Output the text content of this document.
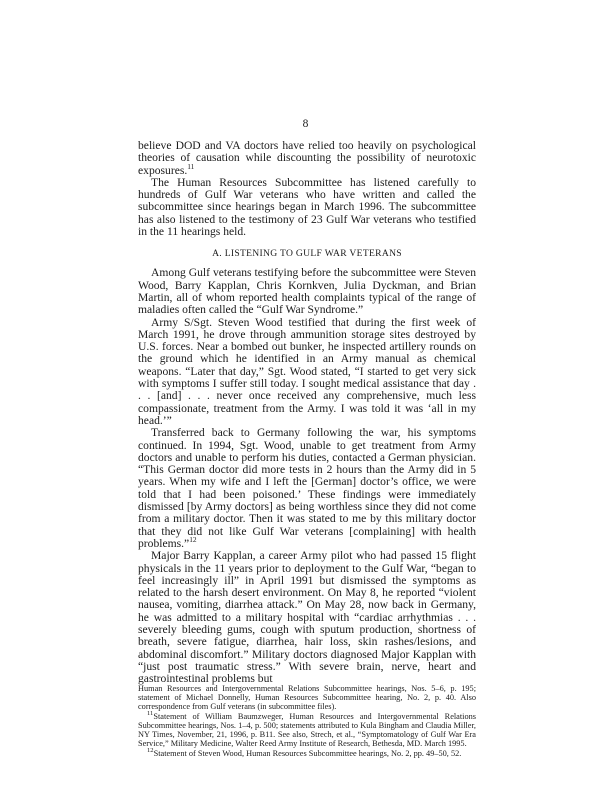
8

believe DOD and VA doctors have relied too heavily on psychological theories of causation while discounting the possibility of neurotoxic exposures.$^{11}$

The Human Resources Subcommittee has listened carefully to hundreds of Gulf War veterans who have written and called the subcommittee since hearings began in March 1996. The subcommittee has also listened to the testimony of 23 Gulf War veterans who testified in the 11 hearings held.

A. LISTENING TO GULF WAR VETERANS

Among Gulf veterans testifying before the subcommittee were Steven Wood, Barry Kapplan, Chris Kornkven, Julia Dyckman, and Brian Martin, all of whom reported health complaints typical of the range of maladies often called the “Gulf War Syndrome.”

Army S/Sgt. Steven Wood testified that during the first week of March 1991, he drove through ammunition storage sites destroyed by U.S. forces. Near a bombed out bunker, he inspected artillery rounds on the ground which he identified in an Army manual as chemical weapons. “Later that day,” Sgt. Wood stated, “I started to get very sick with symptoms I suffer still today. I sought medical assistance that day . . . [and] . . . never once received any comprehensive, much less compassionate, treatment from the Army. I was told it was ‘all in my head.’”

Transferred back to Germany following the war, his symptoms continued. In 1994, Sgt. Wood, unable to get treatment from Army doctors and unable to perform his duties, contacted a German physician. “This German doctor did more tests in 2 hours than the Army did in 5 years. When my wife and I left the [German] doctor’s office, we were told that I had been poisoned.’ These findings were immediately dismissed [by Army doctors] as being worthless since they did not come from a military doctor. Then it was stated to me by this military doctor that they did not like Gulf War veterans [complaining] with health problems.”$^{12}$

Major Barry Kapplan, a career Army pilot who had passed 15 flight physicals in the 11 years prior to deployment to the Gulf War, “began to feel increasingly ill” in April 1991 but dismissed the symptoms as related to the harsh desert environment. On May 8, he reported “violent nausea, vomiting, diarrhea attack.” On May 28, now back in Germany, he was admitted to a military hospital with “cardiac arrhythmias . . . severely bleeding gums, cough with sputum production, shortness of breath, severe fatigue, diarrhea, hair loss, skin rashes/lesions, and abdominal discomfort.” Military doctors diagnosed Major Kapplan with “just post traumatic stress.” With severe brain, nerve, heart and gastrointestinal problems but

Human Resources and Intergovernmental Relations Subcommittee hearings, Nos. 5–6, p. 195; statement of Michael Donnelly, Human Resources Subcommittee hearing, No. 2, p. 40. Also correspondence from Gulf veterans (in subcommittee files).

$^{11}$Statement of William Baumzweger, Human Resources and Intergovernmental Relations Subcommittee hearings, Nos. 1–4, p. 500; statements attributed to Kula Bingham and Claudia Miller, NY Times, November, 21, 1996, p. B11. See also, Strech, et al., “Symptomatology of Gulf War Era Service,” Military Medicine, Walter Reed Army Institute of Research, Bethesda, MD. March 1995.

$^{12}$Statement of Steven Wood, Human Resources Subcommittee hearings, No. 2, pp. 49–50, 52.
